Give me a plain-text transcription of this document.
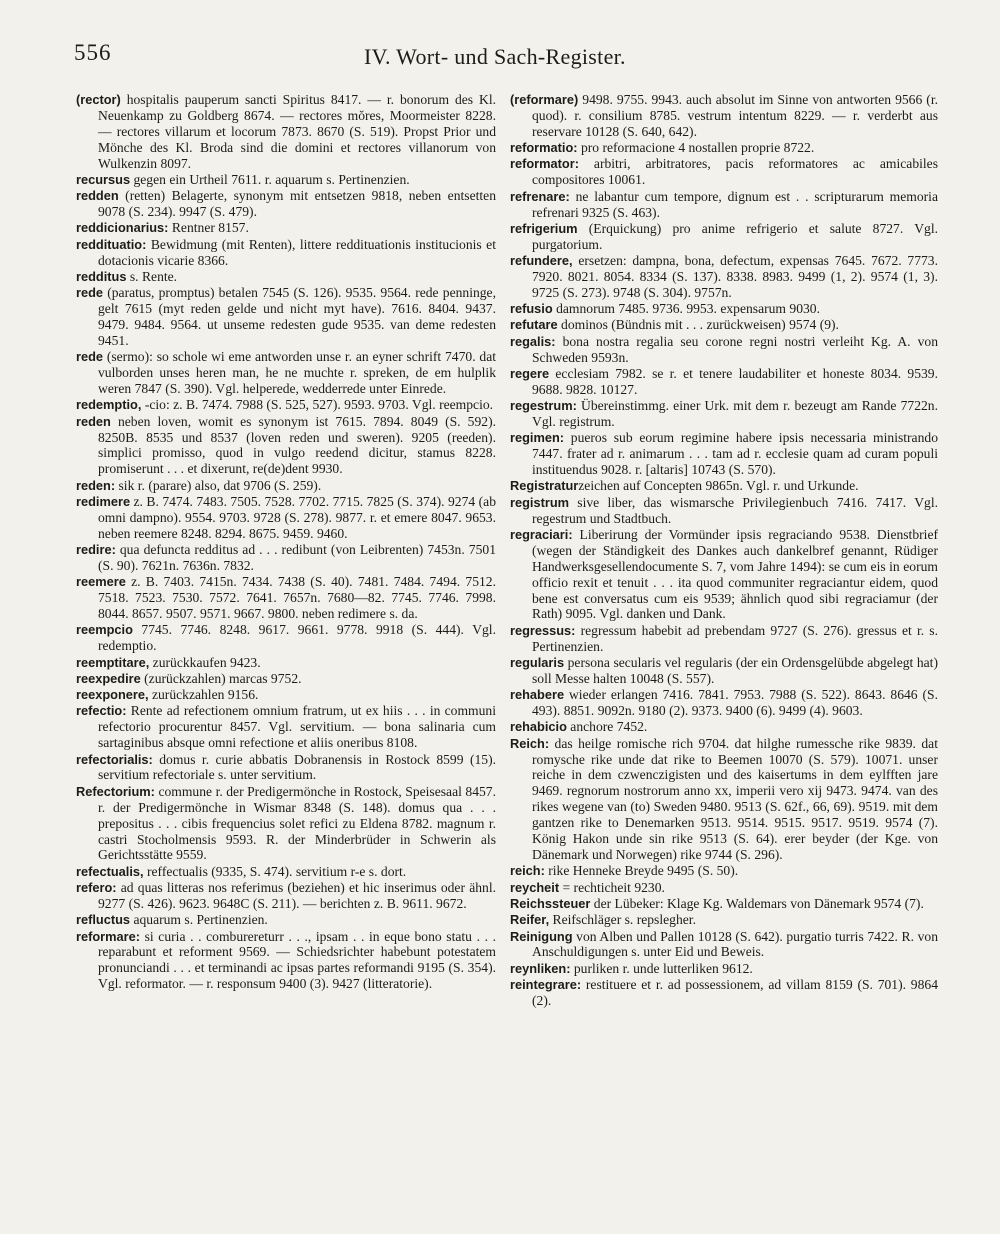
556	IV. Wort- und Sach-Register.

(rector) hospitalis pauperum sancti Spiritus 8417. — r. bonorum des Kl. Neuenkamp zu Goldberg 8674. — rectores mŏres, Moormeister 8228. — rectores villarum et locorum 7873. 8670 (S. 519). Propst Prior und Mönche des Kl. Broda sind die domini et rectores villanorum von Wulkenzin 8097.

recursus gegen ein Urtheil 7611. r. aquarum s. Pertinenzien.

redden (retten) Belagerte, synonym mit entsetzen 9818, neben entsetten 9078 (S. 234). 9947 (S. 479).

reddicionarius: Rentner 8157.

reddituatio: Bewidmung (mit Renten), littere reddituationis institucionis et dotacionis vicarie 8366.

redditus s. Rente.

rede (paratus, promptus) betalen 7545 (S. 126). 9535. 9564. rede penninge, gelt 7615 (myt reden gelde und nicht myt have). 7616. 8404. 9437. 9479. 9484. 9564. ut unseme redesten gude 9535. van deme redesten 9451.

rede (sermo): so schole wi eme antworden unse r. an eyner schrift 7470. dat vulborden unses heren man, he ne muchte r. spreken, de em hulplik weren 7847 (S. 390). Vgl. helperede, wedderrede unter Einrede.

redemptio, -cio: z. B. 7474. 7988 (S. 525, 527). 9593. 9703. Vgl. reempcio.

reden neben loven, womit es synonym ist 7615. 7894. 8049 (S. 592). 8250B. 8535 und 8537 (loven reden und sweren). 9205 (reeden). simplici promisso, quod in vulgo reedend dicitur, stamus 8228. promiserunt . . . et dixerunt, re(de)dent 9930.

reden: sik r. (parare) also, dat 9706 (S. 259).

redimere z. B. 7474. 7483. 7505. 7528. 7702. 7715. 7825 (S. 374). 9274 (ab omni dampno). 9554. 9703. 9728 (S. 278). 9877. r. et emere 8047. 9653. neben reemere 8248. 8294. 8675. 9459. 9460.

redire: qua defuncta redditus ad . . . redibunt (von Leibrenten) 7453n. 7501 (S. 90). 7621n. 7636n. 7832.

reemere z. B. 7403. 7415n. 7434. 7438 (S. 40). 7481. 7484. 7494. 7512. 7518. 7523. 7530. 7572. 7641. 7657n. 7680—82. 7745. 7746. 7998. 8044. 8657. 9507. 9571. 9667. 9800. neben redimere s. da.

reempcio 7745. 7746. 8248. 9617. 9661. 9778. 9918 (S. 444). Vgl. redemptio.

reemptitare, zurückkaufen 9423.

reexpedire (zurückzahlen) marcas 9752.

reexponere, zurückzahlen 9156.

refectio: Rente ad refectionem omnium fratrum, ut ex hiis . . . in communi refectorio procurentur 8457. Vgl. servitium. — bona salinaria cum sartaginibus absque omni refectione et aliis oneribus 8108.

refectorialis: domus r. curie abbatis Dobranensis in Rostock 8599 (15). servitium refectoriale s. unter servitium.

Refectorium: commune r. der Predigermönche in Rostock, Speisesaal 8457. r. der Predigermönche in Wismar 8348 (S. 148). domus qua . . . prepositus . . . cibis frequencius solet refici zu Eldena 8782. magnum r. castri Stocholmensis 9593. R. der Minderbrüder in Schwerin als Gerichtsstätte 9559.

refectualis, reffectualis (9335, S. 474). servitium r-e s. dort.

refero: ad quas litteras nos referimus (beziehen) et hic inserimus oder ähnl. 9277 (S. 426). 9623. 9648C (S. 211). — berichten z. B. 9611. 9672.

refluctus aquarum s. Pertinenzien.

reformare: si curia . . comburereturr . . ., ipsam . . in eque bono statu . . . reparabunt et reforment 9569. — Schiedsrichter habebunt potestatem pronunciandi . . . et terminandi ac ipsas partes reformandi 9195 (S. 354). Vgl. reformator. — r. responsum 9400 (3). 9427 (litteratorie).

(reformare) 9498. 9755. 9943. auch absolut im Sinne von antworten 9566 (r. quod). r. consilium 8785. vestrum intentum 8229. — r. verderbt aus reservare 10128 (S. 640, 642).

reformatio: pro reformacione 4 nostallen proprie 8722.

reformator: arbitri, arbitratores, pacis reformatores ac amicabiles compositores 10061.

refrenare: ne labantur cum tempore, dignum est . . scripturarum memoria refrenari 9325 (S. 463).

refrigerium (Erquickung) pro anime refrigerio et salute 8727. Vgl. purgatorium.

refundere, ersetzen: dampna, bona, defectum, expensas 7645. 7672. 7773. 7920. 8021. 8054. 8334 (S. 137). 8338. 8983. 9499 (1, 2). 9574 (1, 3). 9725 (S. 273). 9748 (S. 304). 9757n.

refusio damnorum 7485. 9736. 9953. expensarum 9030.

refutare dominos (Bündnis mit . . . zurückweisen) 9574 (9).

regalis: bona nostra regalia seu corone regni nostri verleiht Kg. A. von Schweden 9593n.

regere ecclesiam 7982. se r. et tenere laudabiliter et honeste 8034. 9539. 9688. 9828. 10127.

regestrum: Übereinstimmg. einer Urk. mit dem r. bezeugt am Rande 7722n. Vgl. registrum.

regimen: pueros sub eorum regimine habere ipsis necessaria ministrando 7447. frater ad r. animarum . . . tam ad r. ecclesie quam ad curam populi instituendus 9028. r. [altaris] 10743 (S. 570).

Registraturzeichen auf Concepten 9865n. Vgl. r. und Urkunde.

registrum sive liber, das wismarsche Privilegienbuch 7416. 7417. Vgl. regestrum und Stadtbuch.

regraciari: Liberirung der Vormünder ipsis regraciando 9538. Dienstbrief (wegen der Ständigkeit des Dankes auch dankelbref genannt, Rüdiger Handwerksgesellendocumente S. 7, vom Jahre 1494): se cum eis in eorum officio rexit et tenuit . . . ita quod communiter regraciantur eidem, quod bene est conversatus cum eis 9539; ähnlich quod sibi regraciamur (der Rath) 9095. Vgl. danken und Dank.

regressus: regressum habebit ad prebendam 9727 (S. 276). gressus et r. s. Pertinenzien.

regularis persona secularis vel regularis (der ein Ordensgelübde abgelegt hat) soll Messe halten 10048 (S. 557).

rehabere wieder erlangen 7416. 7841. 7953. 7988 (S. 522). 8643. 8646 (S. 493). 8851. 9092n. 9180 (2). 9373. 9400 (6). 9499 (4). 9603.

rehabicio anchore 7452.

Reich: das heilge romische rich 9704. dat hilghe rumessche rike 9839. dat romysche rike unde dat rike to Beemen 10070 (S. 579). 10071. unser reiche in dem czwenczigisten und des kaisertums in dem eylfften jare 9469. regnorum nostrorum anno xx, imperii vero xij 9473. 9474. van des rikes wegene van (to) Sweden 9480. 9513 (S. 62f., 66, 69). 9519. mit dem gantzen rike to Denemarken 9513. 9514. 9515. 9517. 9519. 9574 (7). König Hakon unde sin rike 9513 (S. 64). erer beyder (der Kge. von Dänemark und Norwegen) rike 9744 (S. 296).

reich: rike Henneke Breyde 9495 (S. 50).

reycheit = rechticheit 9230.

Reichssteuer der Lübeker: Klage Kg. Waldemars von Dänemark 9574 (7).

Reifer, Reifschläger s. repslegher.

Reinigung von Alben und Pallen 10128 (S. 642). purgatio turris 7422. R. von Anschuldigungen s. unter Eid und Beweis.

reynliken: purliken r. unde lutterliken 9612.

reintegrare: restituere et r. ad possessionem, ad villam 8159 (S. 701). 9864 (2).
